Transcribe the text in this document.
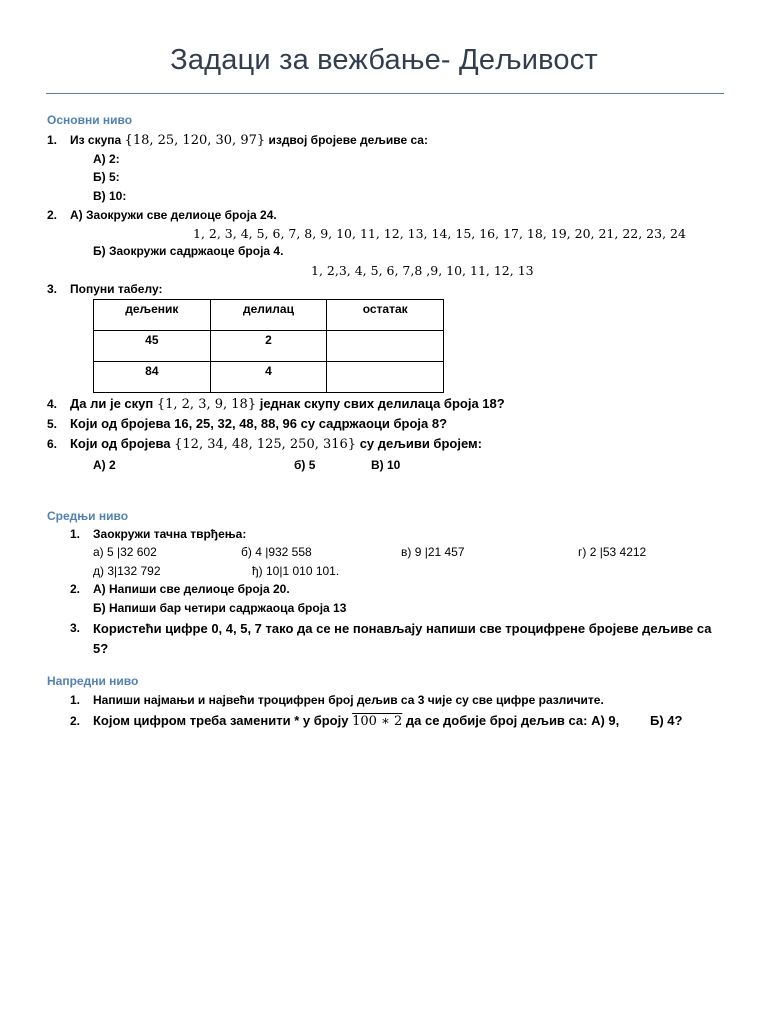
Задаци за вежбање- Дељивост
Основни ниво
1. Из скупа {18, 25, 120, 30, 97} издвој бројеве дељиве са:
А) 2:
Б) 5:
В) 10:
2. А) Заокружи све делиоце броја 24.
1, 2, 3, 4, 5, 6, 7, 8, 9, 10, 11, 12, 13, 14, 15, 16, 17, 18, 19, 20, 21, 22, 23, 24
Б) Заокружи садржаоце броја 4.
1, 2,3, 4, 5, 6, 7,8 ,9, 10, 11, 12, 13
3. Попуни табелу:
дељеник	делилац	остатак
45	2	
84	4	
4. Да ли је скуп {1, 2, 3, 9, 18} једнак скупу свих делилаца броја 18?
5. Који од бројева 16, 25, 32, 48, 88, 96 су садржаоци броја 8?
6. Који од бројева {12, 34, 48, 125, 250, 316} су дељиви бројем:
А) 2	б) 5	В) 10
Средњи ниво
1. Заокружи тачна тврђења:
а) 5 |32 602	б) 4 |932 558	в) 9 |21 457	г) 2 |53 4212
д) 3|132 792	ђ) 10|1 010 101.
2. А) Напиши све делиоце броја 20.
Б) Напиши бар четири садржаоца броја 13
3. Користећи цифре 0, 4, 5, 7 тако да се не понављају напиши све троцифрене бројеве дељиве са
5?
Напредни ниво
1. Напиши најмањи и највећи троцифрен број дељив са 3 чије су све цифре различите.
2. Којом цифром треба заменити * у броју 100 ∗ 2 да се добије број дељив са: А) 9, Б) 4?
